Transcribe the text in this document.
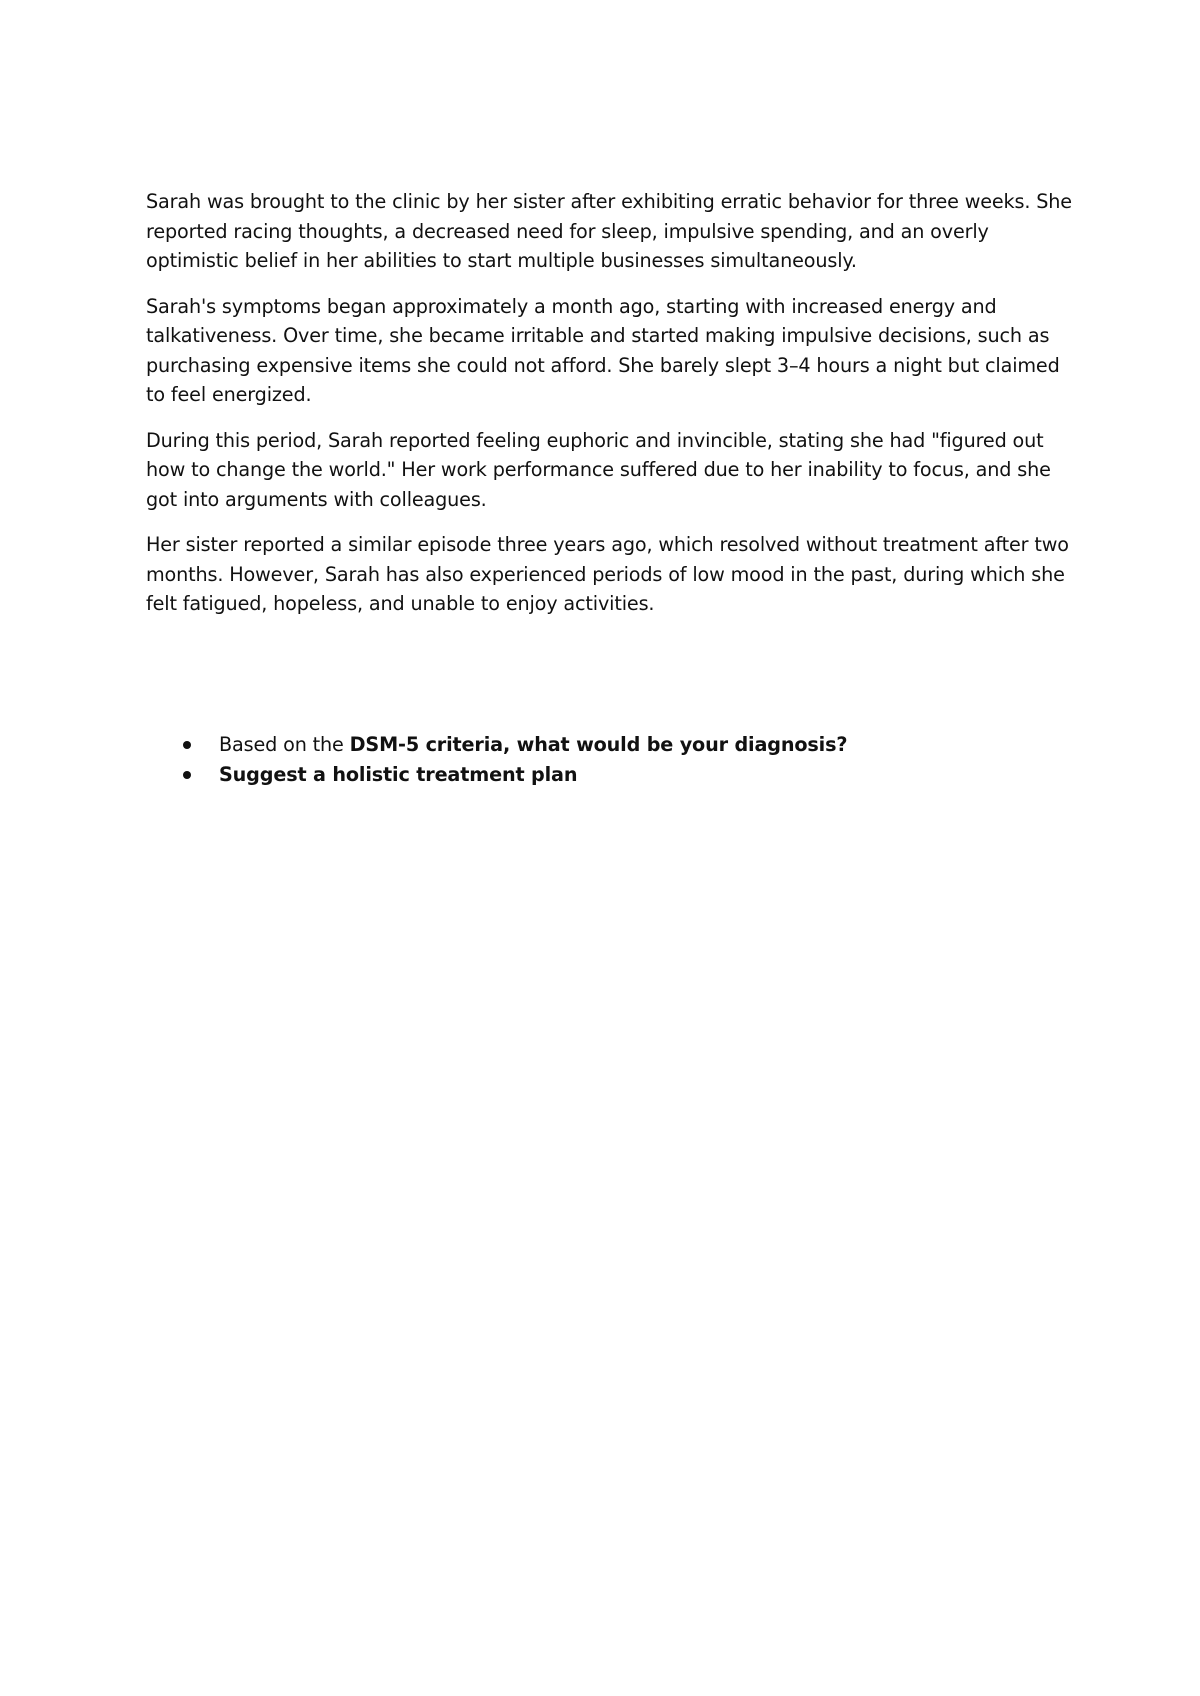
Sarah was brought to the clinic by her sister after exhibiting erratic behavior for three weeks. She reported racing thoughts, a decreased need for sleep, impulsive spending, and an overly optimistic belief in her abilities to start multiple businesses simultaneously.

Sarah's symptoms began approximately a month ago, starting with increased energy and talkativeness. Over time, she became irritable and started making impulsive decisions, such as purchasing expensive items she could not afford. She barely slept 3–4 hours a night but claimed to feel energized.

During this period, Sarah reported feeling euphoric and invincible, stating she had "figured out how to change the world." Her work performance suffered due to her inability to focus, and she got into arguments with colleagues.

Her sister reported a similar episode three years ago, which resolved without treatment after two months. However, Sarah has also experienced periods of low mood in the past, during which she felt fatigued, hopeless, and unable to enjoy activities.

Based on the DSM-5 criteria, what would be your diagnosis?
Suggest a holistic treatment plan
